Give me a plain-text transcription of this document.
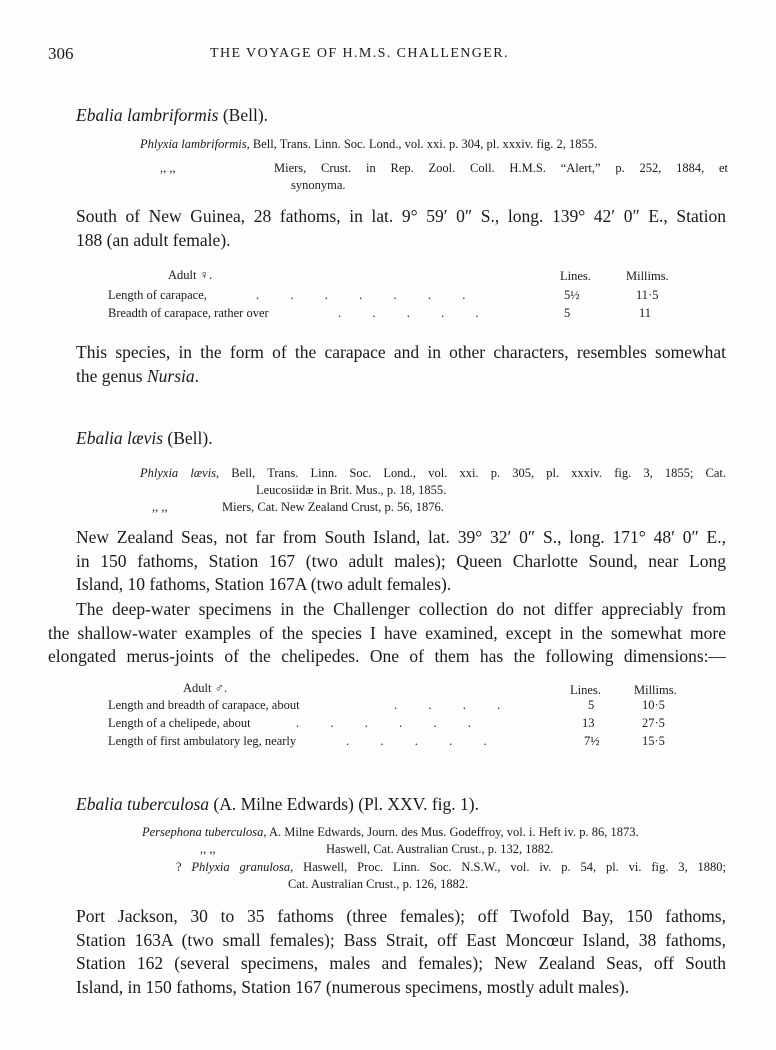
306	THE VOYAGE OF H.M.S. CHALLENGER.
Ebalia lambriformis (Bell).
Phlyxia lambriformis, Bell, Trans. Linn. Soc. Lond., vol. xxi. p. 304, pl. xxxiv. fig. 2, 1855.
,, ,,	Miers, Crust. in Rep. Zool. Coll. H.M.S. “Alert,” p. 252, 1884, et
synonyma.
South of New Guinea, 28 fathoms, in lat. 9° 59′ 0″ S., long. 139° 42′ 0″ E., Station
188 (an adult female).
Adult ♀.	Lines.	Millims.
Length of carapace,	.          .          .          .          .          .          .	5½	11·5
Breadth of carapace, rather over	.          .          .          .          .	5	11
This species, in the form of the carapace and in other characters, resembles somewhat
the genus Nursia.
Ebalia lævis (Bell).
Phlyxia lævis, Bell, Trans. Linn. Soc. Lond., vol. xxi. p. 305, pl. xxxiv. fig. 3, 1855; Cat.
Leucosiidæ in Brit. Mus., p. 18, 1855.
,, ,,	Miers, Cat. New Zealand Crust, p. 56, 1876.
New Zealand Seas, not far from South Island, lat. 39° 32′ 0″ S., long. 171° 48′ 0″ E.,
in 150 fathoms, Station 167 (two adult males); Queen Charlotte Sound, near Long
Island, 10 fathoms, Station 167A (two adult females).
The deep-water specimens in the Challenger collection do not differ appreciably from
the shallow-water examples of the species I have examined, except in the somewhat more
elongated merus-joints of the chelipedes. One of them has the following dimensions:—
Adult ♂.	Lines.	Millims.
Length and breadth of carapace, about	.          .          .          .	5	10·5
Length of a chelipede, about	.          .          .          .          .          .	13	27·5
Length of first ambulatory leg, nearly	.          .          .          .          .	7½	15·5
Ebalia tuberculosa (A. Milne Edwards) (Pl. XXV. fig. 1).
Persephona tuberculosa, A. Milne Edwards, Journ. des Mus. Godeffroy, vol. i. Heft iv. p. 86, 1873.
,, ,,	Haswell, Cat. Australian Crust., p. 132, 1882.
? Phlyxia granulosa, Haswell, Proc. Linn. Soc. N.S.W., vol. iv. p. 54, pl. vi. fig. 3, 1880;
Cat. Australian Crust., p. 126, 1882.
Port Jackson, 30 to 35 fathoms (three females); off Twofold Bay, 150 fathoms,
Station 163A (two small females); Bass Strait, off East Moncœur Island, 38 fathoms,
Station 162 (several specimens, males and females); New Zealand Seas, off South
Island, in 150 fathoms, Station 167 (numerous specimens, mostly adult males).
